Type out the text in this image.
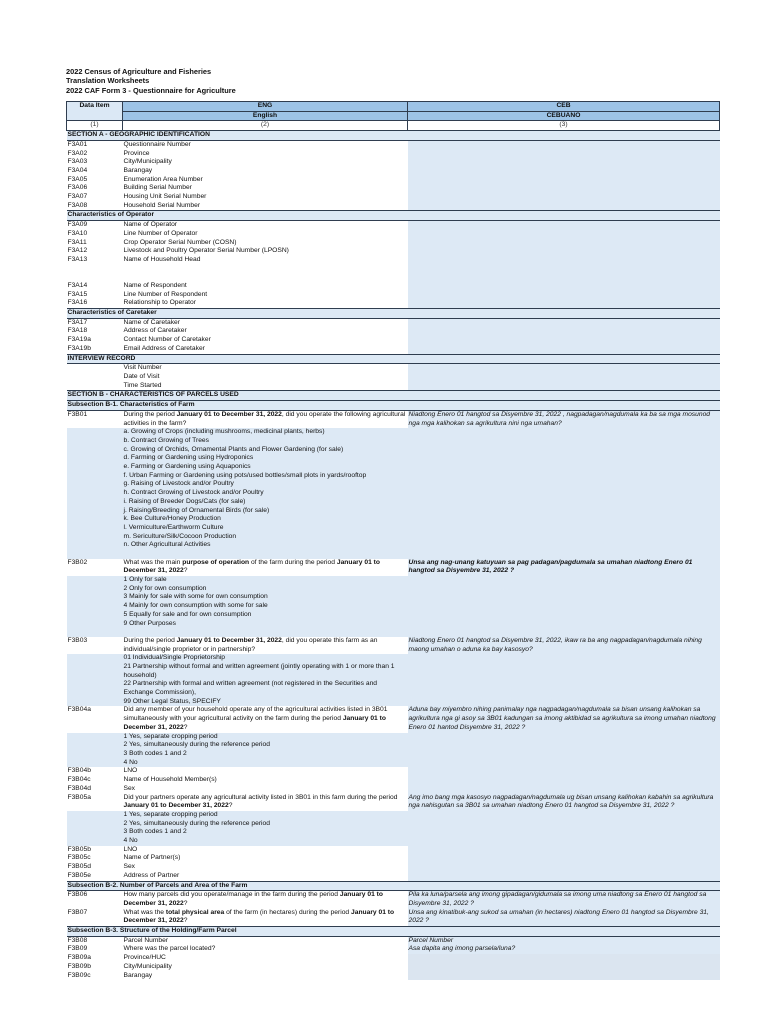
2022 Census of Agriculture and Fisheries
Translation Worksheets
2022 CAF Form 3 - Questionnaire for Agriculture
Data Item	ENG	CEB
	English	CEBUANO
(1)	(2)	(3)
SECTION A - GEOGRAPHIC IDENTIFICATION		
F3A01	Questionnaire Number	
F3A02	Province	
F3A03	City/Municipality	
F3A04	Barangay	
F3A05	Enumeration Area Number	
F3A06	Building Serial Number	
F3A07	Housing Unit Serial Number	
F3A08	Household Serial Number	
Characteristics of Operator		
F3A09	Name of Operator	
F3A10	Line Number of Operator	
F3A11	Crop Operator Serial Number (COSN)	
F3A12	Livestock and Poultry Operator Serial Number (LPOSN)	
F3A13	Name of Household Head	
F3A14	Name of Respondent	
F3A15	Line Number of Respondent	
F3A16	Relationship to Operator	
Characteristics of Caretaker		
F3A17	Name of Caretaker	
F3A18	Address of Caretaker	
F3A19a	Contact Number of Caretaker	
F3A19b	Email Address of Caretaker	
INTERVIEW RECORD		
	Visit Number	
	Date of Visit	
	Time Started	
SECTION B - CHARACTERISTICS OF PARCELS USED		
Subsection B-1. Characteristics of Farm		
F3B01	During the period January 01 to December 31, 2022, did you operate the following agricultural activities in the farm?	Niadtong Enero 01 hangtod sa Disyembre 31, 2022 , nagpadagan/nagdumala ka ba sa mga mosunod nga mga kalihokan sa agrikultura nini nga umahan?
	a. Growing of Crops (including mushrooms, medicinal plants, herbs)	
	b. Contract Growing of Trees	
	c. Growing of Orchids, Ornamental Plants and Flower Gardening (for sale)	
	d. Farming or Gardening using Hydroponics	
	e. Farming or Gardening using Aquaponics	
	f. Urban Farming or Gardening using pots/used bottles/small plots in yards/rooftop	
	g. Raising of Livestock and/or Poultry	
	h. Contract Growing of Livestock and/or Poultry	
	i. Raising of Breeder Dogs/Cats (for sale)	
	j. Raising/Breeding of Ornamental Birds (for sale)	
	k. Bee Culture/Honey Production	
	l. Vermiculture/Earthworm Culture	
	m. Sericulture/Silk/Cocoon Production	
	n. Other Agricultural Activities	

F3B02	What was the main purpose of operation of the farm during the period January 01 to December 31, 2022?	Unsa ang nag-unang katuyuan sa pag padagan/pagdumala sa umahan niadtong Enero 01 hangtod sa Disyembre 31, 2022 ?
	1 Only for sale	
	2 Only for own consumption	
	3 Mainly for sale with some for own consumption	
	4 Mainly for own consumption with some for sale	
	5 Equally for sale and for own consumption	
	9 Other Purposes	

F3B03	During the period January 01 to December 31, 2022, did you operate this farm as an individual/single proprietor or in partnership?	Niadtong Enero 01 hangtod sa Disyembre 31, 2022, ikaw ra ba ang nagpadagan/nagdumala nihing maong umahan o aduna ka bay kasosyo?
	01 Individual/Single Proprietorship	
	21 Partnership without formal and written agreement (jointly operating with 1 or more than 1 household)	
	22 Partnership with formal and written agreement (not registered in the Securities and Exchange Commission),	
	99 Other Legal Status, SPECIFY	
F3B04a	Did any member of your household operate any of the agricultural activities listed in 3B01 simultaneously with your agricultural activity on the farm during the period January 01 to December 31, 2022?	Aduna bay miyembro nihing panimalay nga nagpadagan/nagdumala sa bisan unsang kalihokan sa agrikultura nga gi asoy sa 3B01 kadungan sa imong aktibidad sa agrikultura sa imong umahan niadtong Enero 01 hantod Disyembre 31, 2022 ?
	1 Yes, separate cropping period	
	2 Yes, simultaneously during the reference period	
	3 Both codes 1 and 2	
	4 No	
F3B04b	LNO	
F3B04c	Name of Household Member(s)	
F3B04d	Sex	
F3B05a	Did your partners operate any agricultural activity listed in 3B01 in this farm during the period January 01 to December 31, 2022?	Ang imo bang mga kasosyo nagpadagan/nagdumala ug bisan unsang kalihokan kabahin sa agrikultura nga nahisgutan sa 3B01 sa umahan niadtong Enero 01 hangtod sa Disyembre 31, 2022 ?
	1 Yes, separate cropping period	
	2 Yes, simultaneously during the reference period	
	3 Both codes 1 and 2	
	4 No	
F3B05b	LNO	
F3B05c	Name of Partner(s)	
F3B05d	Sex	
F3B05e	Address of Partner	
Subsection B-2. Number of Parcels and Area of the Farm		
F3B06	How many parcels did you operate/manage in the farm during the period January 01 to December 31, 2022?	Pila ka luna/parsela ang imong gipadagan/gidumala sa imong uma niadtong sa Enero 01 hangtod sa Disyembre 31, 2022 ?
F3B07	What was the total physical area of the farm (in hectares) during the period January 01 to December 31, 2022?	Unsa ang kinatibuk-ang sukod sa umahan (in hectares) niadtong Enero 01 hangtod sa Disyembre 31, 2022 ?
Subsection B-3. Structure of the Holding/Farm Parcel		
F3B08	Parcel Number	Parcel Number
F3B09	Where was the parcel located?	Asa dapita ang imong parsela/luna?
F3B09a	Province/HUC	
F3B09b	City/Municipality	
F3B09c	Barangay	
